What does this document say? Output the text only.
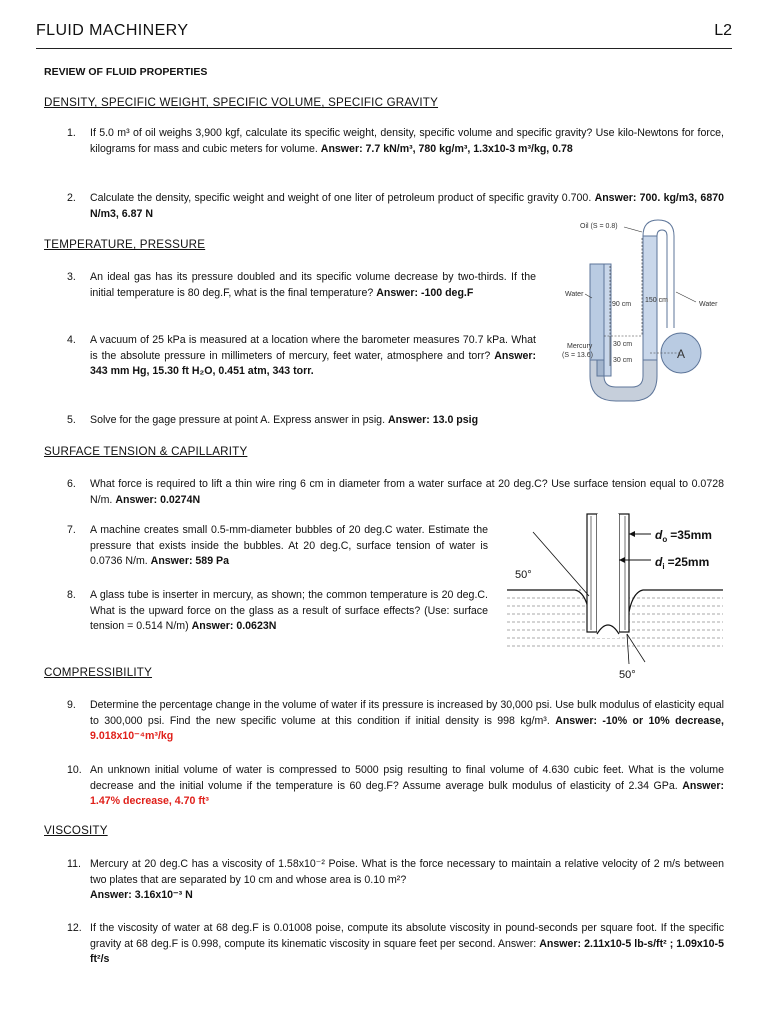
FLUID MACHINERY	L2
REVIEW OF FLUID PROPERTIES
DENSITY, SPECIFIC WEIGHT, SPECIFIC VOLUME, SPECIFIC GRAVITY
1. If 5.0 m³ of oil weighs 3,900 kgf, calculate its specific weight, density, specific volume and specific gravity? Use kilo-Newtons for force, kilograms for mass and cubic meters for volume. Answer: 7.7 kN/m³, 780 kg/m³, 1.3x10-3 m³/kg, 0.78
2. Calculate the density, specific weight and weight of one liter of petroleum product of specific gravity 0.700. Answer: 700. kg/m3, 6870 N/m3, 6.87 N
TEMPERATURE, PRESSURE
3. An ideal gas has its pressure doubled and its specific volume decrease by two-thirds. If the initial temperature is 80 deg.F, what is the final temperature? Answer: -100 deg.F
4. A vacuum of 25 kPa is measured at a location where the barometer measures 70.7 kPa. What is the absolute pressure in millimeters of mercury, feet water, atmosphere and torr? Answer: 343 mm Hg, 15.30 ft H₂O, 0.451 atm, 343 torr.
5. Solve for the gage pressure at point A. Express answer in psig. Answer: 13.0 psig
A
Oil (S = 0.8)
Water
Water
Mercury
(S = 13.6)
90 cm
150 cm
30 cm
30 cm
SURFACE TENSION & CAPILLARITY
6. What force is required to lift a thin wire ring 6 cm in diameter from a water surface at 20 deg.C? Use surface tension equal to 0.0728 N/m. Answer: 0.0274N
7. A machine creates small 0.5-mm-diameter bubbles of 20 deg.C water. Estimate the pressure that exists inside the bubbles. At 20 deg.C, surface tension of water is 0.0736 N/m. Answer: 589 Pa
8. A glass tube is inserter in mercury, as shown; the common temperature is 20 deg.C. What is the upward force on the glass as a result of surface effects? (Use: surface tension = 0.514 N/m) Answer: 0.0623N
$d_o =35mm$
$d_i =25mm$
50°
50°
COMPRESSIBILITY
9. Determine the percentage change in the volume of water if its pressure is increased by 30,000 psi. Use bulk modulus of elasticity equal to 300,000 psi. Find the new specific volume at this condition if initial density is 998 kg/m³. Answer: -10% or 10% decrease, 9.018x10⁻⁴m³/kg
10. An unknown initial volume of water is compressed to 5000 psig resulting to final volume of 4.630 cubic feet. What is the volume decrease and the initial volume if the temperature is 60 deg.F? Assume average bulk modulus of elasticity of 2.34 GPa. Answer: 1.47% decrease, 4.70 ft³
VISCOSITY
11. Mercury at 20 deg.C has a viscosity of 1.58x10⁻² Poise. What is the force necessary to maintain a relative velocity of 2 m/s between two plates that are separated by 10 cm and whose area is 0.10 m²?
Answer: 3.16x10⁻³ N
12. If the viscosity of water at 68 deg.F is 0.01008 poise, compute its absolute viscosity in pound-seconds per square foot. If the specific gravity at 68 deg.F is 0.998, compute its kinematic viscosity in square feet per second. Answer: Answer: 2.11x10-5 lb-s/ft² ; 1.09x10-5 ft²/s
